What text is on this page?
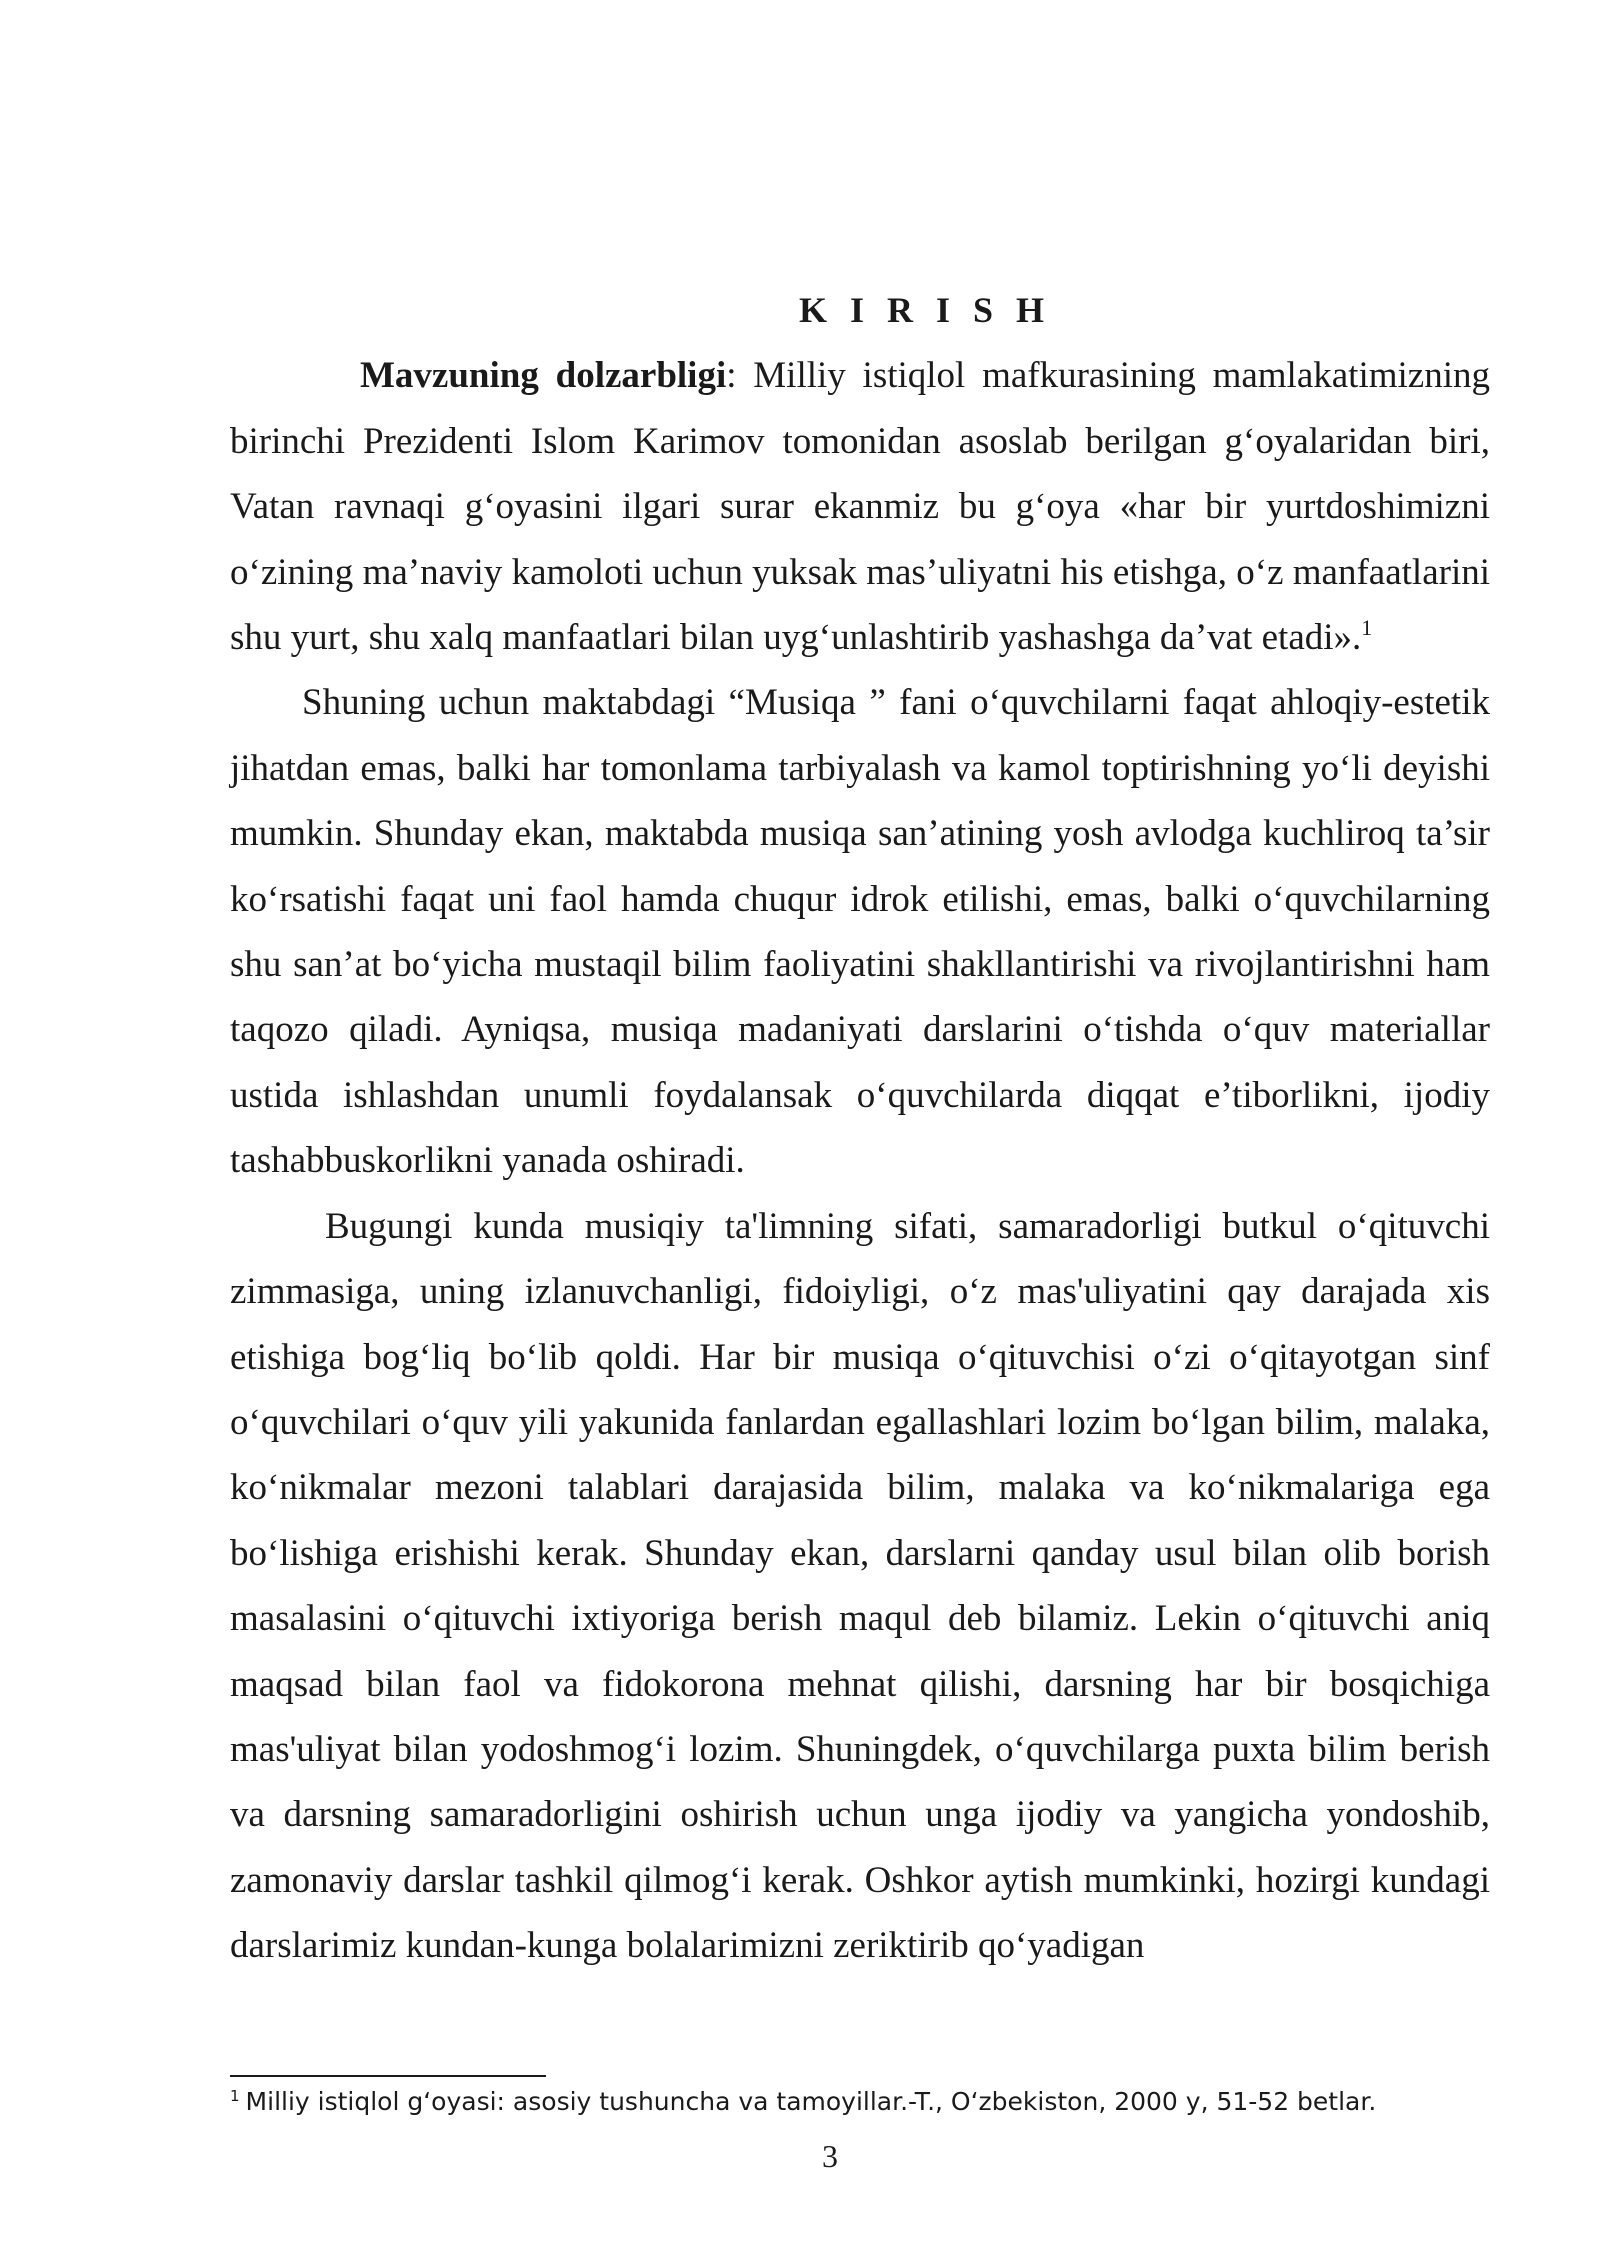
K I R I S H

Mavzuning dolzarbligi: Milliy istiqlol mafkurasining mamlakatimizning birinchi Prezidenti Islom Karimov tomonidan asoslab berilgan g‘oyalaridan biri, Vatan ravnaqi g‘oyasini ilgari surar ekanmiz bu g‘oya «har bir yurtdoshimizni o‘zining ma’naviy kamoloti uchun yuksak mas’uliyatni his etishga, o‘z manfaatlarini shu yurt, shu xalq manfaatlari bilan uyg‘unlashtirib yashashga da’vat etadi».$^1$

Shuning uchun maktabdagi “Musiqa ” fani o‘quvchilarni faqat ahloqiy-estetik jihatdan emas, balki har tomonlama tarbiyalash va kamol toptirishning yo‘li deyishi mumkin. Shunday ekan, maktabda musiqa san’atining yosh avlodga kuchliroq ta’sir ko‘rsatishi faqat uni faol hamda chuqur idrok etilishi, emas, balki o‘quvchilarning shu san’at bo‘yicha mustaqil bilim faoliyatini shakllantirishi va rivojlantirishni ham taqozo qiladi. Ayniqsa, musiqa madaniyati darslarini o‘tishda o‘quv materiallar ustida ishlashdan unumli foydalansak o‘quvchilarda diqqat e’tiborlikni, ijodiy tashabbuskorlikni yanada oshiradi.

Bugungi kunda musiqiy ta'limning sifati, samaradorligi butkul o‘qituvchi zimmasiga, uning izlanuvchanligi, fidoiyligi, o‘z mas'uliyatini qay darajada xis etishiga bog‘liq bo‘lib qoldi. Har bir musiqa o‘qituvchisi o‘zi o‘qitayotgan sinf o‘quvchilari o‘quv yili yakunida fanlardan egallashlari lozim bo‘lgan bilim, malaka, ko‘nikmalar mezoni talablari darajasida bilim, malaka va ko‘nikmalariga ega bo‘lishiga erishishi kerak. Shunday ekan, darslarni qanday usul bilan olib borish masalasini o‘qituvchi ixtiyoriga berish maqul deb bilamiz. Lekin o‘qituvchi aniq maqsad bilan faol va fidokorona mehnat qilishi, darsning har bir bosqichiga mas'uliyat bilan yodoshmog‘i lozim. Shuningdek, o‘quvchilarga puxta bilim berish va darsning samaradorligini oshirish uchun unga ijodiy va yangicha yondoshib, zamonaviy darslar tashkil qilmog‘i kerak. Oshkor aytish mumkinki, hozirgi kundagi darslarimiz kundan-kunga bolalarimizni zeriktirib qo‘yadigan

$^1$ Milliy istiqlol g‘oyasi: asosiy tushuncha va tamoyillar.-T., O‘zbekiston, 2000 y, 51-52 betlar.
3
